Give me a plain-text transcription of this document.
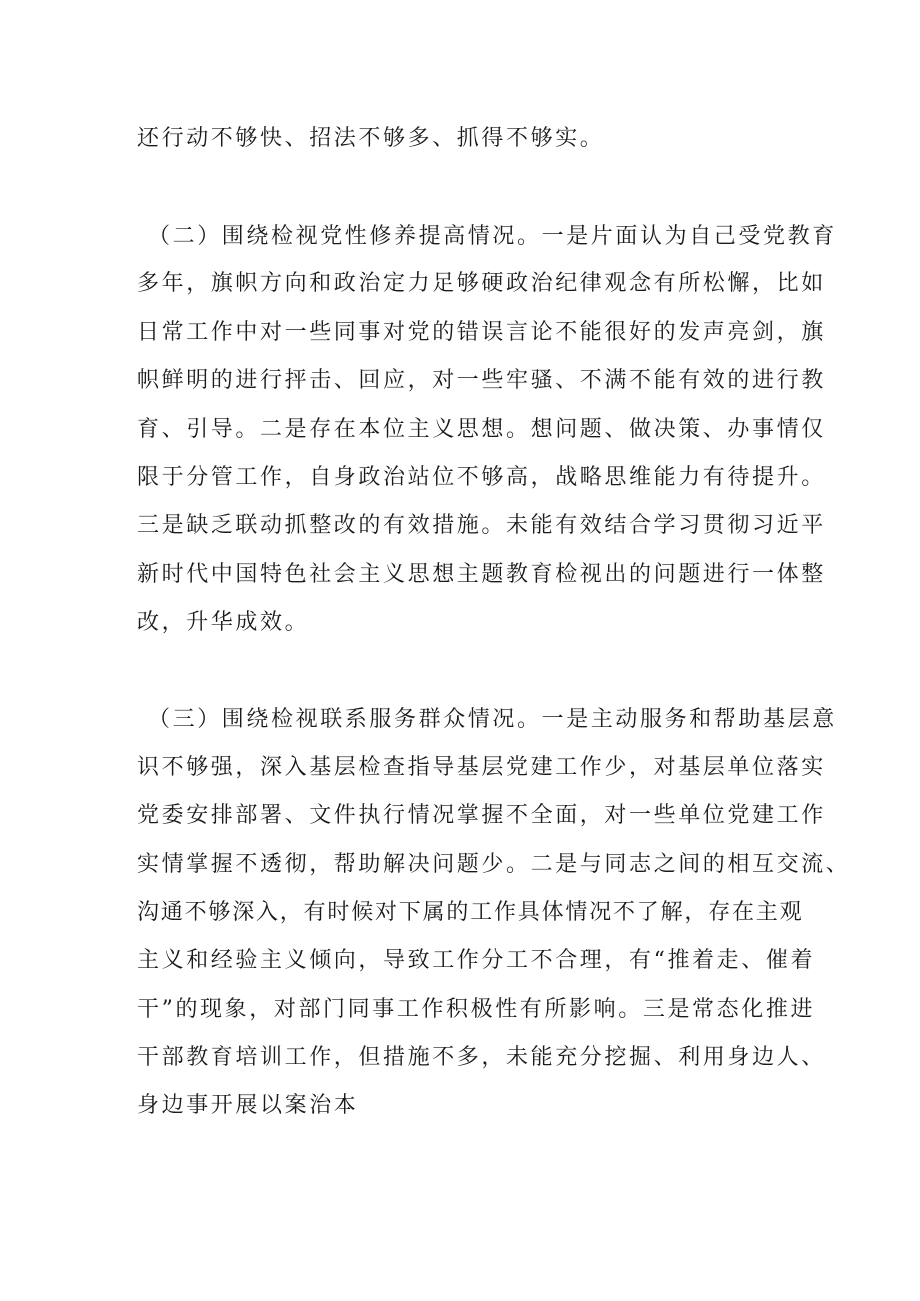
还行动不够快、招法不够多、抓得不够实。

（二）围绕检视党性修养提高情况。一是片面认为自己受党教育

多年，旗帜方向和政治定力足够硬政治纪律观念有所松懈，比如

日常工作中对一些同事对党的错误言论不能很好的发声亮剑，旗

帜鲜明的进行抨击、回应，对一些牢骚、不满不能有效的进行教

育、引导。二是存在本位主义思想。想问题、做决策、办事情仅

限于分管工作，自身政治站位不够高，战略思维能力有待提升。

三是缺乏联动抓整改的有效措施。未能有效结合学习贯彻习近平

新时代中国特色社会主义思想主题教育检视出的问题进行一体整

改，升华成效。

（三）围绕检视联系服务群众情况。一是主动服务和帮助基层意

识不够强，深入基层检查指导基层党建工作少，对基层单位落实

党委安排部署、文件执行情况掌握不全面，对一些单位党建工作

实情掌握不透彻，帮助解决问题少。二是与同志之间的相互交流、

沟通不够深入，有时候对下属的工作具体情况不了解，存在主观

主义和经验主义倾向，导致工作分工不合理，有“推着走、催着

干”的现象，对部门同事工作积极性有所影响。三是常态化推进

干部教育培训工作，但措施不多，未能充分挖掘、利用身边人、

身边事开展以案治本
